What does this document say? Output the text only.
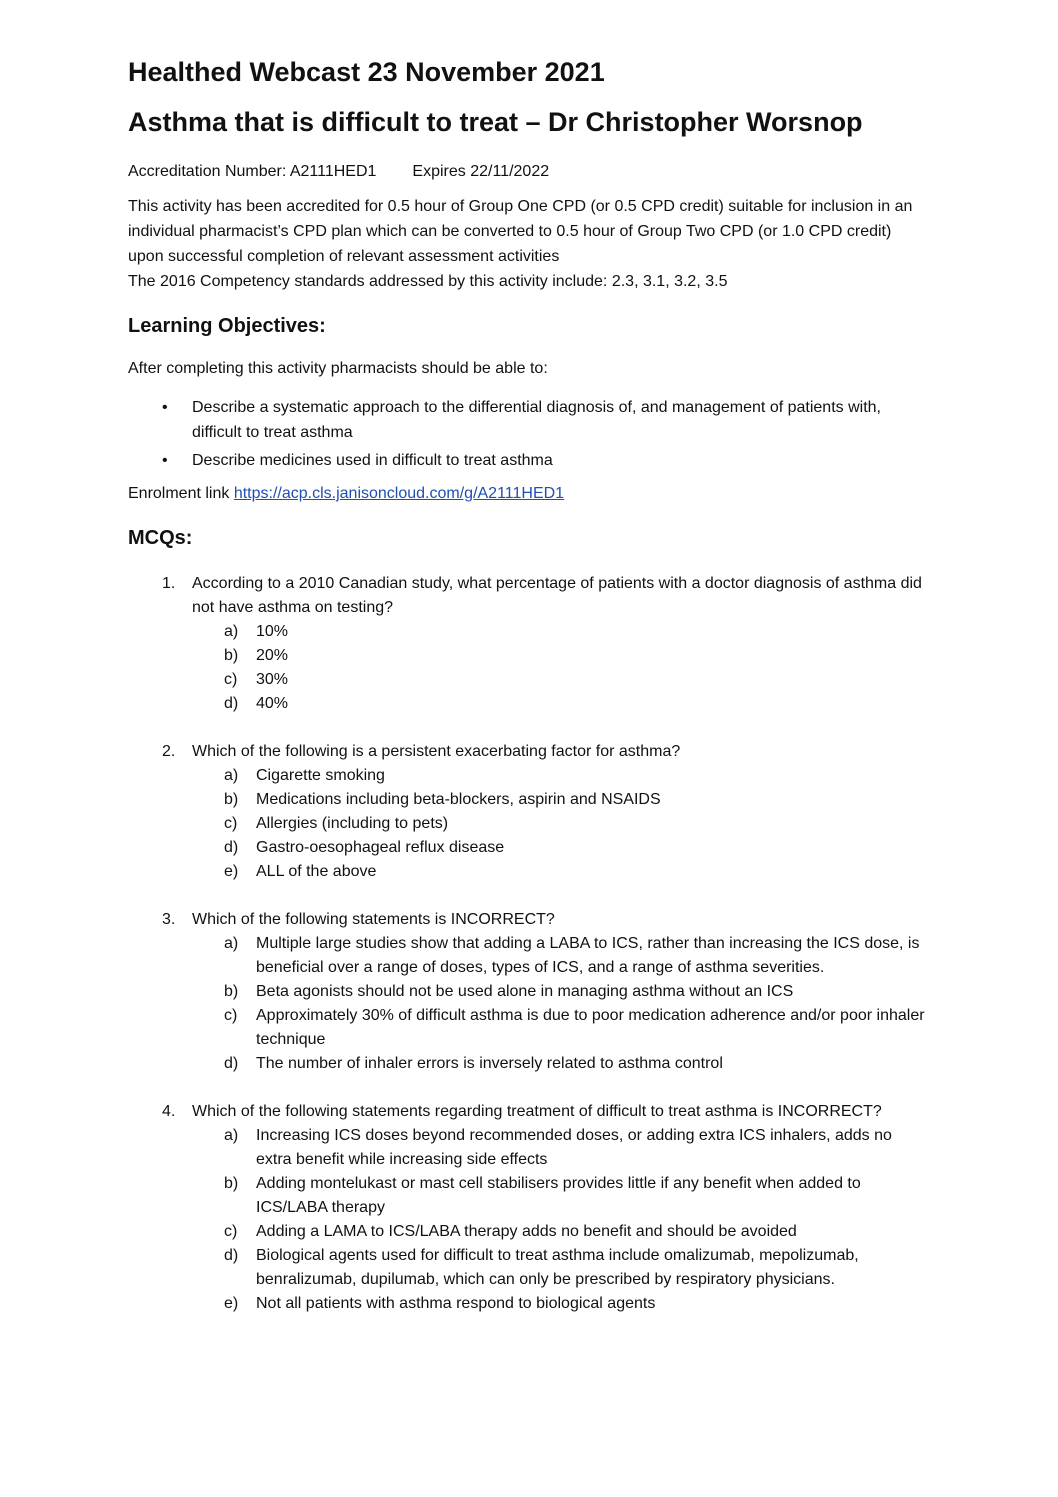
Healthed Webcast 23 November 2021
Asthma that is difficult to treat – Dr Christopher Worsnop
Accreditation Number: A2111HED1 Expires 22/11/2022
This activity has been accredited for 0.5 hour of Group One CPD (or 0.5 CPD credit) suitable for inclusion in an individual pharmacist’s CPD plan which can be converted to 0.5 hour of Group Two CPD (or 1.0 CPD credit) upon successful completion of relevant assessment activities
The 2016 Competency standards addressed by this activity include: 2.3, 3.1, 3.2, 3.5
Learning Objectives:
After completing this activity pharmacists should be able to:
• Describe a systematic approach to the differential diagnosis of, and management of patients with, difficult to treat asthma
• Describe medicines used in difficult to treat asthma
Enrolment link https://acp.cls.janisoncloud.com/g/A2111HED1
MCQs:
1. According to a 2010 Canadian study, what percentage of patients with a doctor diagnosis of asthma did not have asthma on testing?
a) 10%
b) 20%
c) 30%
d) 40%
2. Which of the following is a persistent exacerbating factor for asthma?
a) Cigarette smoking
b) Medications including beta-blockers, aspirin and NSAIDS
c) Allergies (including to pets)
d) Gastro-oesophageal reflux disease
e) ALL of the above
3. Which of the following statements is INCORRECT?
a) Multiple large studies show that adding a LABA to ICS, rather than increasing the ICS dose, is beneficial over a range of doses, types of ICS, and a range of asthma severities.
b) Beta agonists should not be used alone in managing asthma without an ICS
c) Approximately 30% of difficult asthma is due to poor medication adherence and/or poor inhaler technique
d) The number of inhaler errors is inversely related to asthma control
4. Which of the following statements regarding treatment of difficult to treat asthma is INCORRECT?
a) Increasing ICS doses beyond recommended doses, or adding extra ICS inhalers, adds no extra benefit while increasing side effects
b) Adding montelukast or mast cell stabilisers provides little if any benefit when added to ICS/LABA therapy
c) Adding a LAMA to ICS/LABA therapy adds no benefit and should be avoided
d) Biological agents used for difficult to treat asthma include omalizumab, mepolizumab, benralizumab, dupilumab, which can only be prescribed by respiratory physicians.
e) Not all patients with asthma respond to biological agents
